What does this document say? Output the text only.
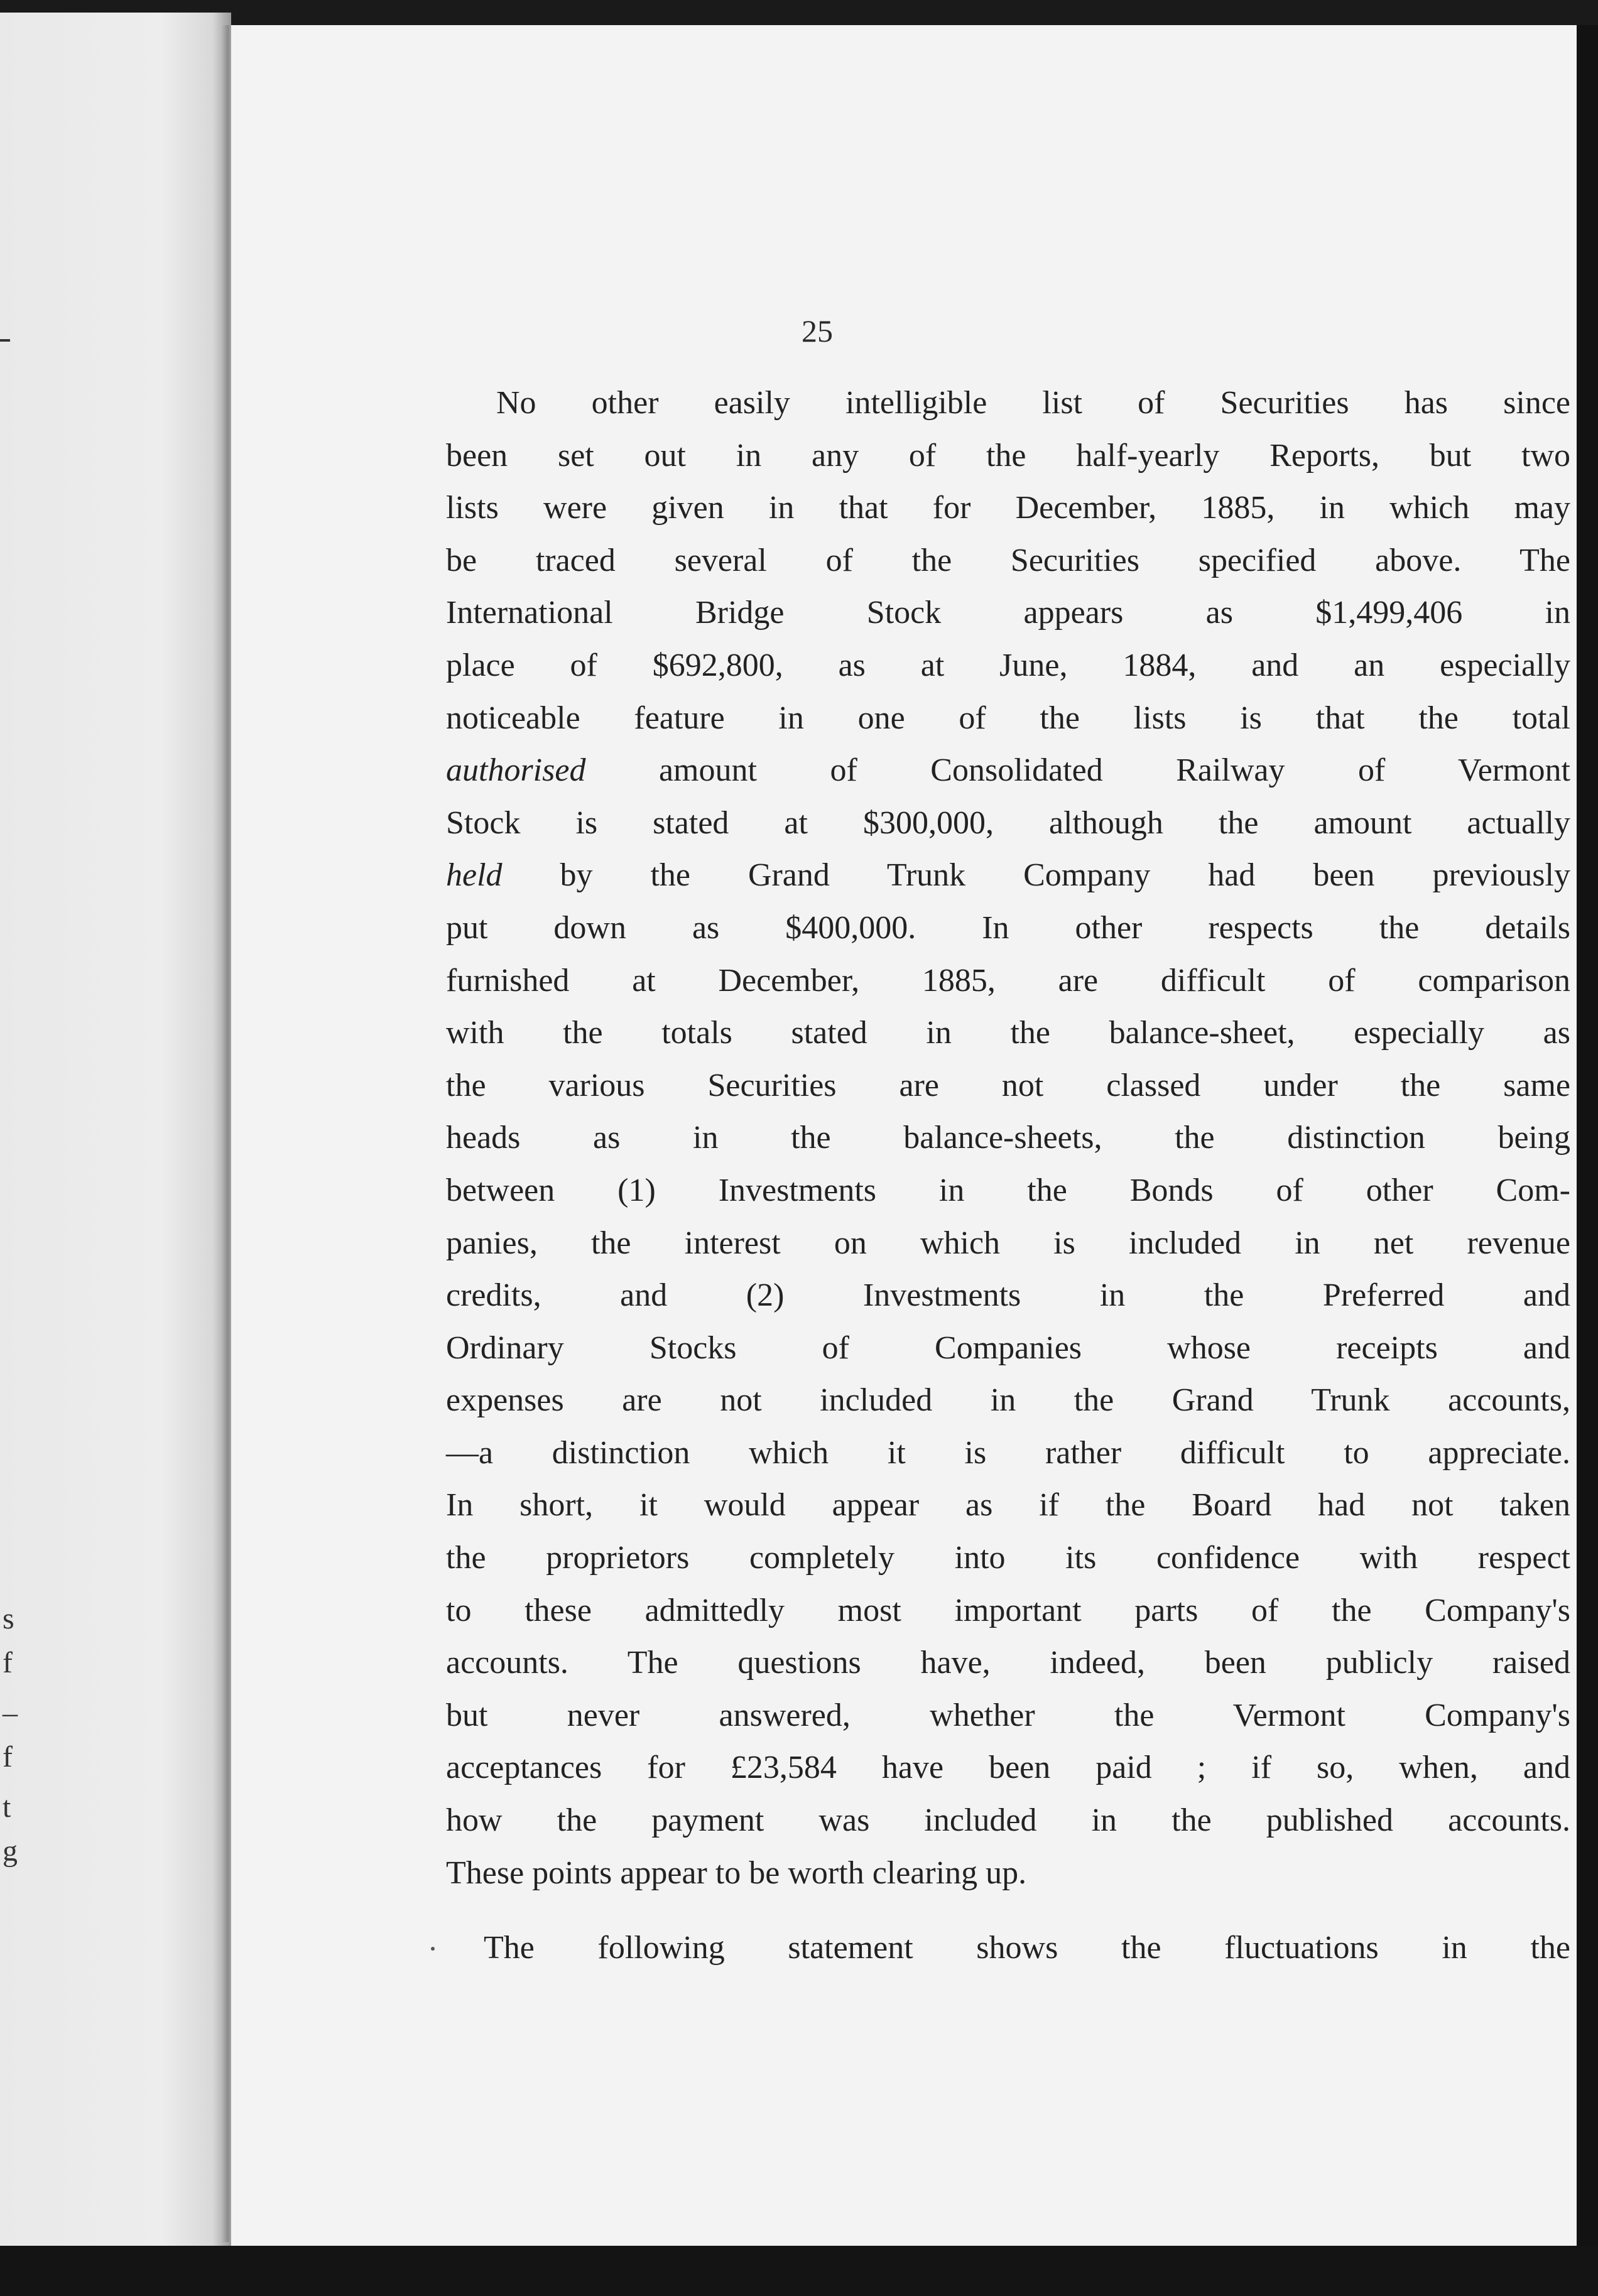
s
f
–
f
t
g
25
No other easily intelligible list of Securities has since
been set out in any of the half-yearly Reports, but two
lists were given in that for December, 1885, in which may
be traced several of the Securities specified above. The
International Bridge Stock appears as $1,499,406 in
place of $692,800, as at June, 1884, and an especially
noticeable feature in one of the lists is that the total
authorised amount of Consolidated Railway of Vermont
Stock is stated at $300,000, although the amount actually
held by the Grand Trunk Company had been previously
put down as $400,000. In other respects the details
furnished at December, 1885, are difficult of comparison
with the totals stated in the balance-sheet, especially as
the various Securities are not classed under the same
heads as in the balance-sheets, the distinction being
between (1) Investments in the Bonds of other Com-
panies, the interest on which is included in net revenue
credits, and (2) Investments in the Preferred and
Ordinary Stocks of Companies whose receipts and
expenses are not included in the Grand Trunk accounts,
—a distinction which it is rather difficult to appreciate.
In short, it would appear as if the Board had not taken
the proprietors completely into its confidence with respect
to these admittedly most important parts of the Company's
accounts. The questions have, indeed, been publicly raised
but never answered, whether the Vermont Company's
acceptances for £23,584 have been paid ; if so, when, and
how the payment was included in the published accounts.
These points appear to be worth clearing up.
The following statement shows the fluctuations in the
